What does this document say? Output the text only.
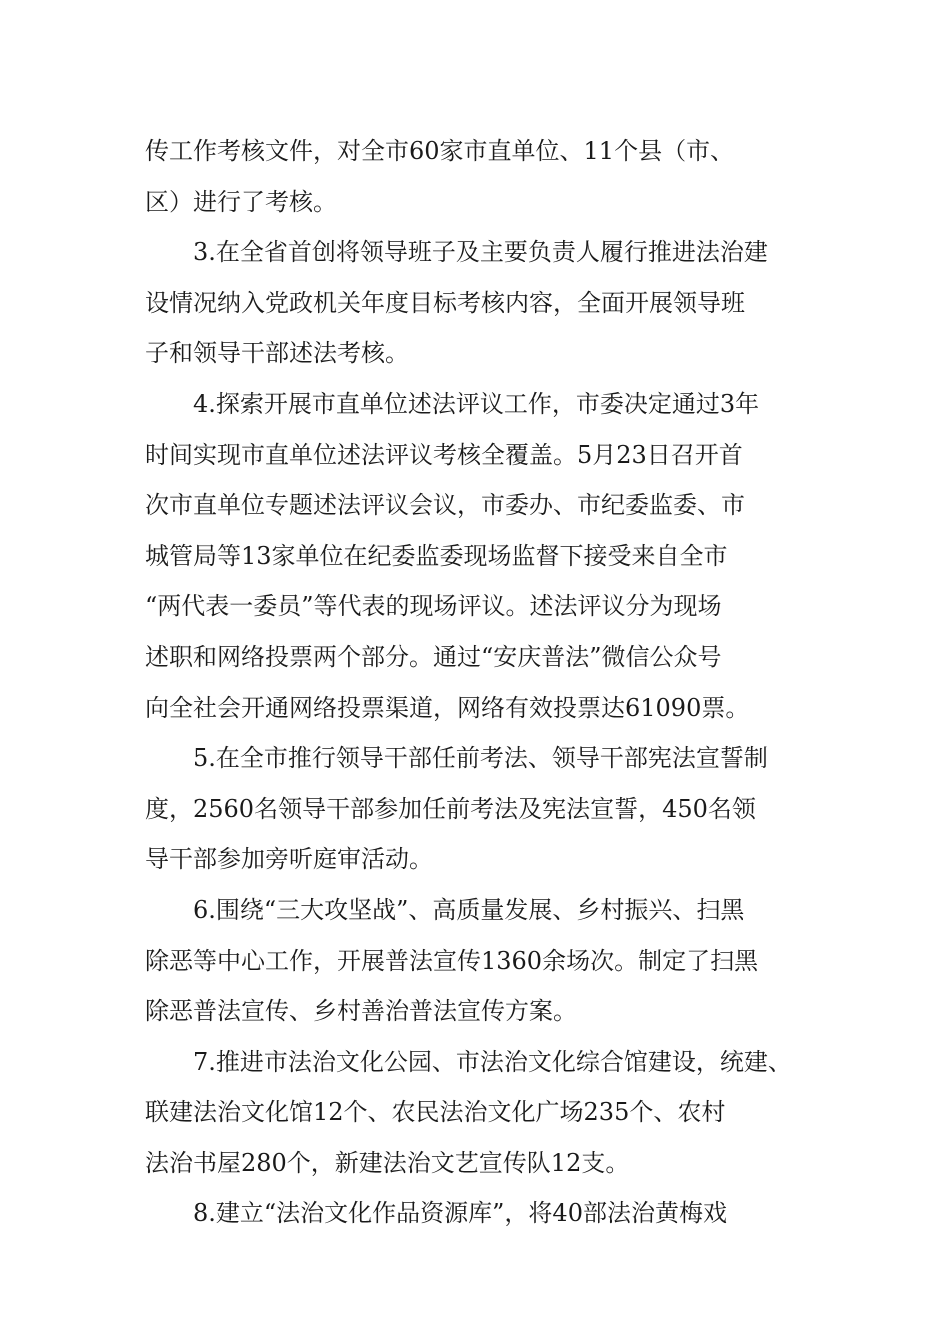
传工作考核文件，对全市60家市直单位、11个县（市、
区）进行了考核。
3.在全省首创将领导班子及主要负责人履行推进法治建
设情况纳入党政机关年度目标考核内容，全面开展领导班
子和领导干部述法考核。
4.探索开展市直单位述法评议工作，市委决定通过3年
时间实现市直单位述法评议考核全覆盖。5月23日召开首
次市直单位专题述法评议会议，市委办、市纪委监委、市
城管局等13家单位在纪委监委现场监督下接受来自全市
“两代表一委员”等代表的现场评议。述法评议分为现场
述职和网络投票两个部分。通过“安庆普法”微信公众号
向全社会开通网络投票渠道，网络有效投票达61090票。
5.在全市推行领导干部任前考法、领导干部宪法宣誓制
度，2560名领导干部参加任前考法及宪法宣誓，450名领
导干部参加旁听庭审活动。
6.围绕“三大攻坚战”、高质量发展、乡村振兴、扫黑
除恶等中心工作，开展普法宣传1360余场次。制定了扫黑
除恶普法宣传、乡村善治普法宣传方案。
7.推进市法治文化公园、市法治文化综合馆建设，统建、
联建法治文化馆12个、农民法治文化广场235个、农村
法治书屋280个，新建法治文艺宣传队12支。
8.建立“法治文化作品资源库”，将40部法治黄梅戏
